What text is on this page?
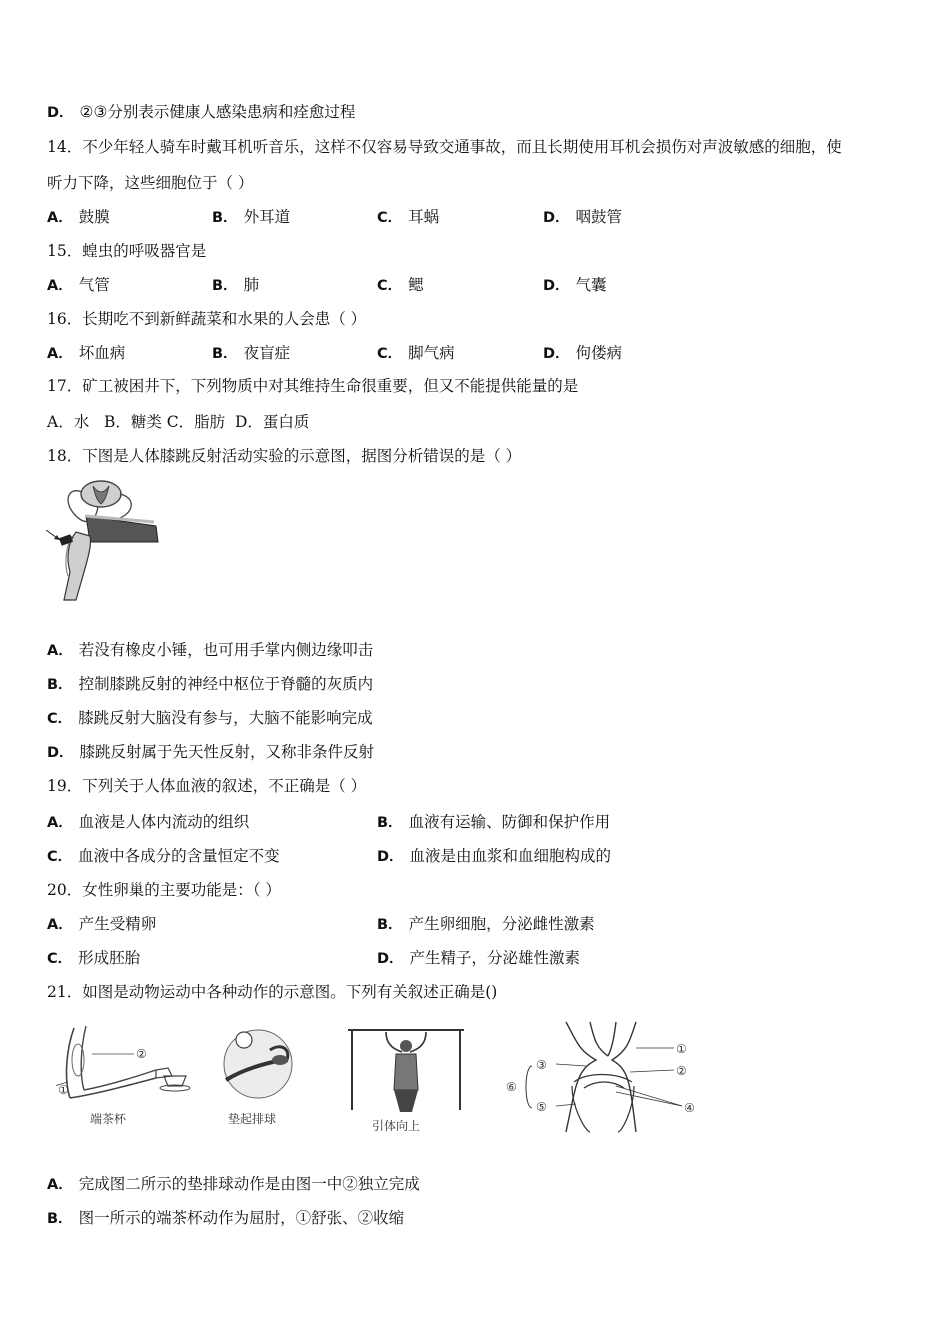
D． ②③分别表示健康人感染患病和痊愈过程
14．不少年轻人骑车时戴耳机听音乐，这样不仅容易导致交通事故，而且长期使用耳机会损伤对声波敏感的细胞，使
听力下降，这些细胞位于（ ）
A． 鼓膜	B． 外耳道	C． 耳蜗	D． 咽鼓管
15．蝗虫的呼吸器官是
A． 气管	B． 肺	C． 鳃	D． 气囊
16．长期吃不到新鲜蔬菜和水果的人会患（ ）
A． 坏血病	B． 夜盲症	C． 脚气病	D． 佝偻病
17．矿工被困井下，下列物质中对其维持生命很重要，但又不能提供能量的是
A．水   B．糖类 C．脂肪  D．蛋白质
18．下图是人体膝跳反射活动实验的示意图，据图分析错误的是（ ）
A． 若没有橡皮小锤，也可用手掌内侧边缘叩击
B． 控制膝跳反射的神经中枢位于脊髓的灰质内
C． 膝跳反射大脑没有参与，大脑不能影响完成
D． 膝跳反射属于先天性反射，又称非条件反射
19．下列关于人体血液的叙述，不正确是（ ）
A． 血液是人体内流动的组织	B． 血液有运输、防御和保护作用
C． 血液中各成分的含量恒定不变	D． 血液是由血浆和血细胞构成的
20．女性卵巢的主要功能是：（ ）
A． 产生受精卵	B． 产生卵细胞，分泌雌性激素
C． 形成胚胎	D． 产生精子，分泌雄性激素
21．如图是动物运动中各种动作的示意图。下列有关叙述正确是()
②
①
端茶杯	垫起排球	引体向上
①
②
③
④
⑤
⑥
A． 完成图二所示的垫排球动作是由图一中②独立完成
B． 图一所示的端茶杯动作为屈肘，①舒张、②收缩
